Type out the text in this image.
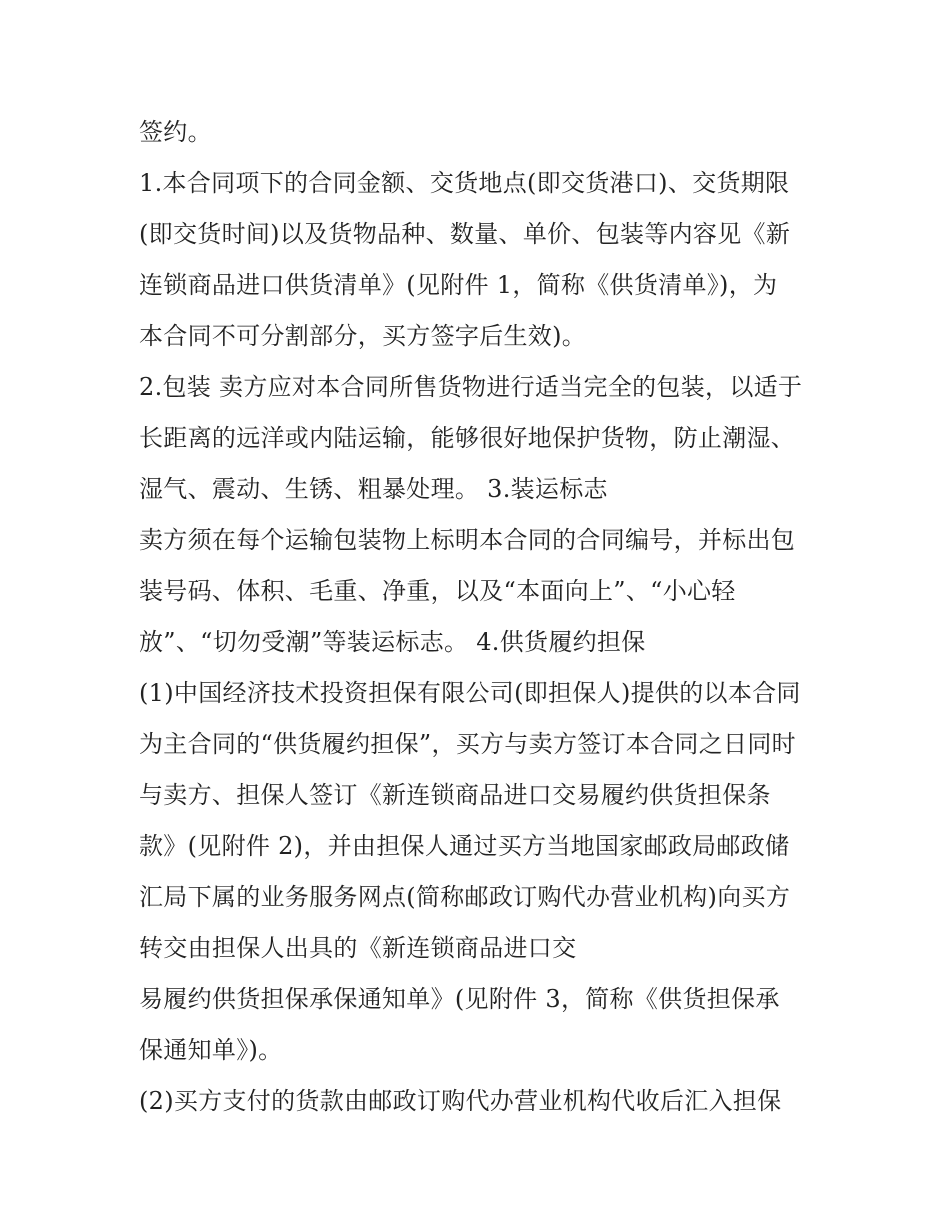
签约。
1.本合同项下的合同金额、交货地点(即交货港口)、交货期限
(即交货时间)以及货物品种、数量、单价、包装等内容见《新
连锁商品进口供货清单》(见附件 1，简称《供货清单》)，为
本合同不可分割部分，买方签字后生效)。
2.包装 卖方应对本合同所售货物进行适当完全的包装，以适于
长距离的远洋或内陆运输，能够很好地保护货物，防止潮湿、
湿气、震动、生锈、粗暴处理。 3.装运标志
卖方须在每个运输包装物上标明本合同的合同编号，并标出包
装号码、体积、毛重、净重，以及“本面向上”、“小心轻
放”、“切勿受潮”等装运标志。 4.供货履约担保
(1)中国经济技术投资担保有限公司(即担保人)提供的以本合同
为主合同的“供货履约担保”，买方与卖方签订本合同之日同时
与卖方、担保人签订《新连锁商品进口交易履约供货担保条
款》(见附件 2)，并由担保人通过买方当地国家邮政局邮政储
汇局下属的业务服务网点(简称邮政订购代办营业机构)向买方
转交由担保人出具的《新连锁商品进口交
易履约供货担保承保通知单》(见附件 3，简称《供货担保承
保通知单》)。
(2)买方支付的货款由邮政订购代办营业机构代收后汇入担保
